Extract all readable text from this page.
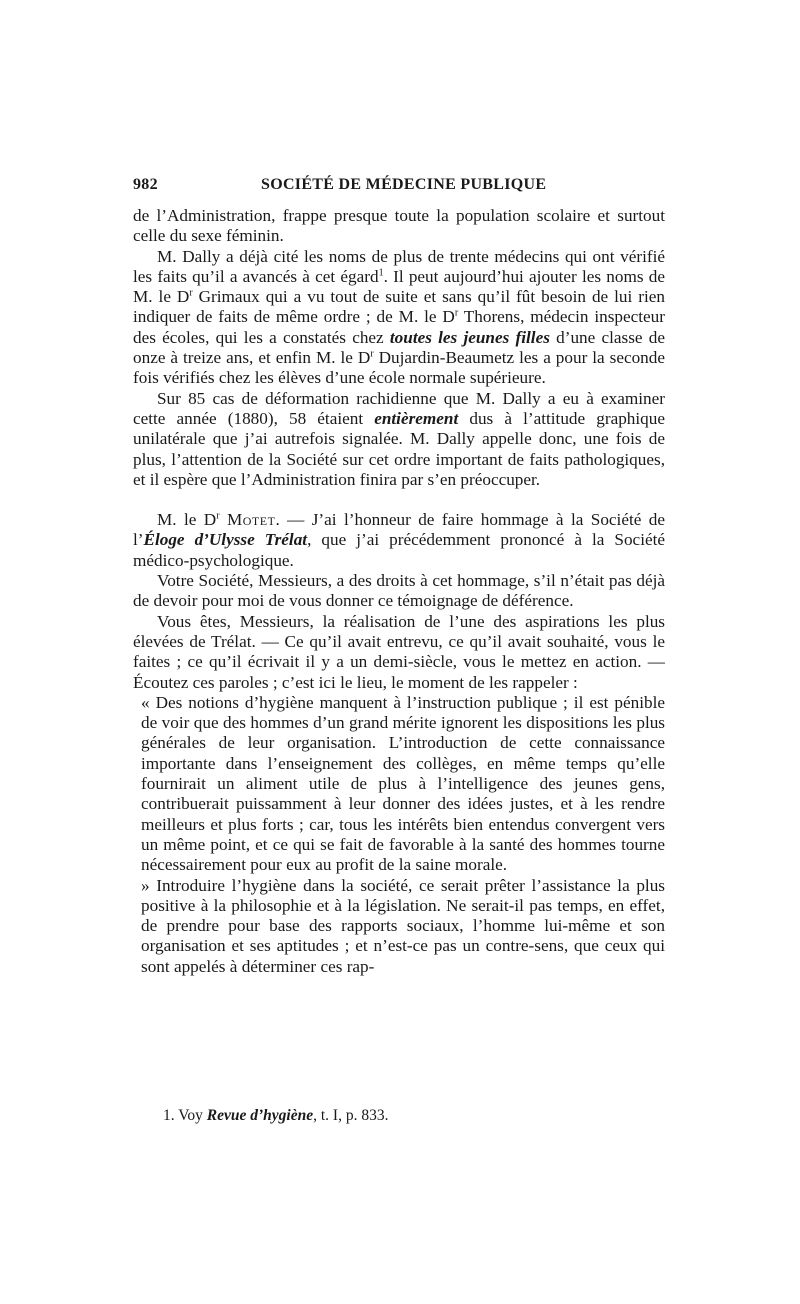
982	SOCIÉTÉ DE MÉDECINE PUBLIQUE

de l’Administration, frappe presque toute la population scolaire et surtout celle du sexe féminin.

M. Dally a déjà cité les noms de plus de trente médecins qui ont vérifié les faits qu’il a avancés à cet égard$^1$. Il peut aujourd’hui ajouter les noms de M. le $D^r$ Grimaux qui a vu tout de suite et sans qu’il fût besoin de lui rien indiquer de faits de même ordre ; de M. le $D^r$ Thorens, médecin inspecteur des écoles, qui les a constatés chez toutes les jeunes filles d’une classe de onze à treize ans, et enfin M. le $D^r$ Dujardin-Beaumetz les a pour la seconde fois vérifiés chez les élèves d’une école normale supérieure.

Sur 85 cas de déformation rachidienne que M. Dally a eu à examiner cette année (1880), 58 étaient entièrement dus à l’attitude graphique unilatérale que j’ai autrefois signalée. M. Dally appelle donc, une fois de plus, l’attention de la Société sur cet ordre important de faits pathologiques, et il espère que l’Administration finira par s’en préoccuper.

M. le $D^r$ Motet. — J’ai l’honneur de faire hommage à la Société de l’Éloge d’Ulysse Trélat, que j’ai précédemment prononcé à la Société médico-psychologique.

Votre Société, Messieurs, a des droits à cet hommage, s’il n’était pas déjà de devoir pour moi de vous donner ce témoignage de déférence.

Vous êtes, Messieurs, la réalisation de l’une des aspirations les plus élevées de Trélat. — Ce qu’il avait entrevu, ce qu’il avait souhaité, vous le faites ; ce qu’il écrivait il y a un demi-siècle, vous le mettez en action. — Écoutez ces paroles ; c’est ici le lieu, le moment de les rappeler :

« Des notions d’hygiène manquent à l’instruction publique ; il est pénible de voir que des hommes d’un grand mérite ignorent les dispositions les plus générales de leur organisation. L’introduction de cette connaissance importante dans l’enseignement des collèges, en même temps qu’elle fournirait un aliment utile de plus à l’intelligence des jeunes gens, contribuerait puissamment à leur donner des idées justes, et à les rendre meilleurs et plus forts ; car, tous les intérêts bien entendus convergent vers un même point, et ce qui se fait de favorable à la santé des hommes tourne nécessairement pour eux au profit de la saine morale.

» Introduire l’hygiène dans la société, ce serait prêter l’assistance la plus positive à la philosophie et à la législation. Ne serait-il pas temps, en effet, de prendre pour base des rapports sociaux, l’homme lui-même et son organisation et ses aptitudes ; et n’est-ce pas un contre-sens, que ceux qui sont appelés à déterminer ces rap-

1. Voy Revue d’hygiène, t. I, p. 833.
